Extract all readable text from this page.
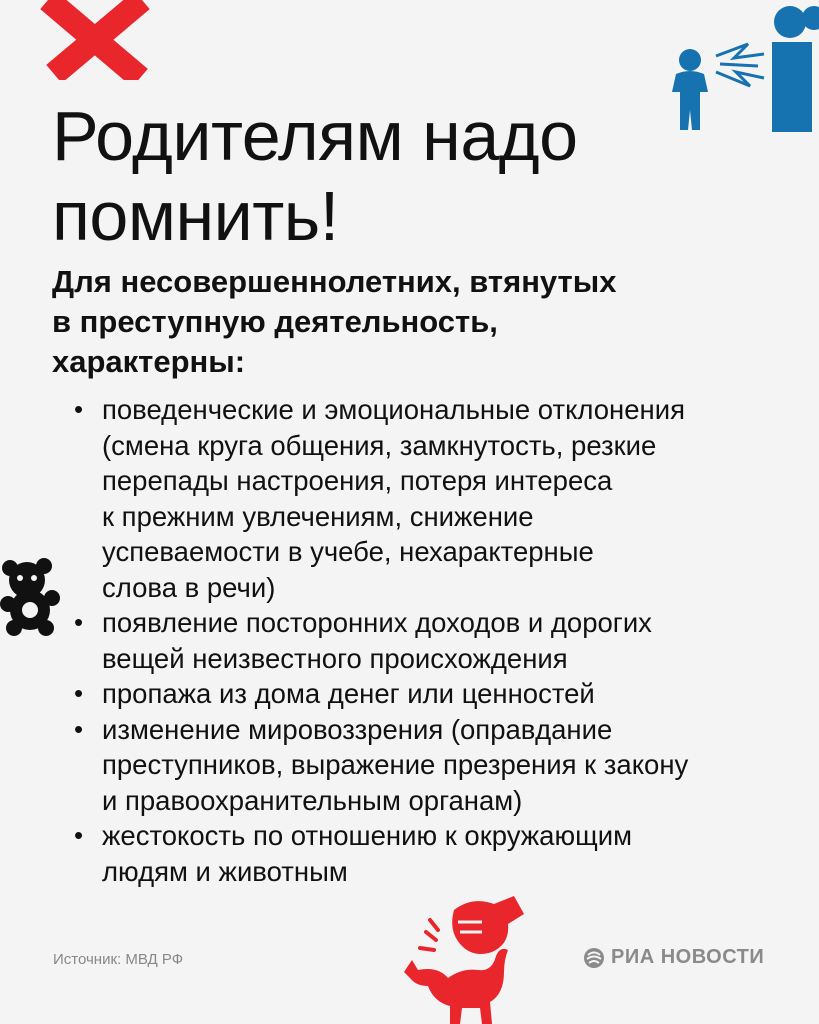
Родителям надо
помнить!
Для несовершеннолетних, втянутых
в преступную деятельность,
характерны:
• поведенческие и эмоциональные отклонения
(смена круга общения, замкнутость, резкие
перепады настроения, потеря интереса
к прежним увлечениям, снижение
успеваемости в учебе, нехарактерные
слова в речи)
• появление посторонних доходов и дорогих
вещей неизвестного происхождения
• пропажа из дома денег или ценностей
• изменение мировоззрения (оправдание
преступников, выражение презрения к закону
и правоохранительным органам)
• жестокость по отношению к окружающим
людям и животным
Источник: МВД РФ	РИА НОВОСТИ
